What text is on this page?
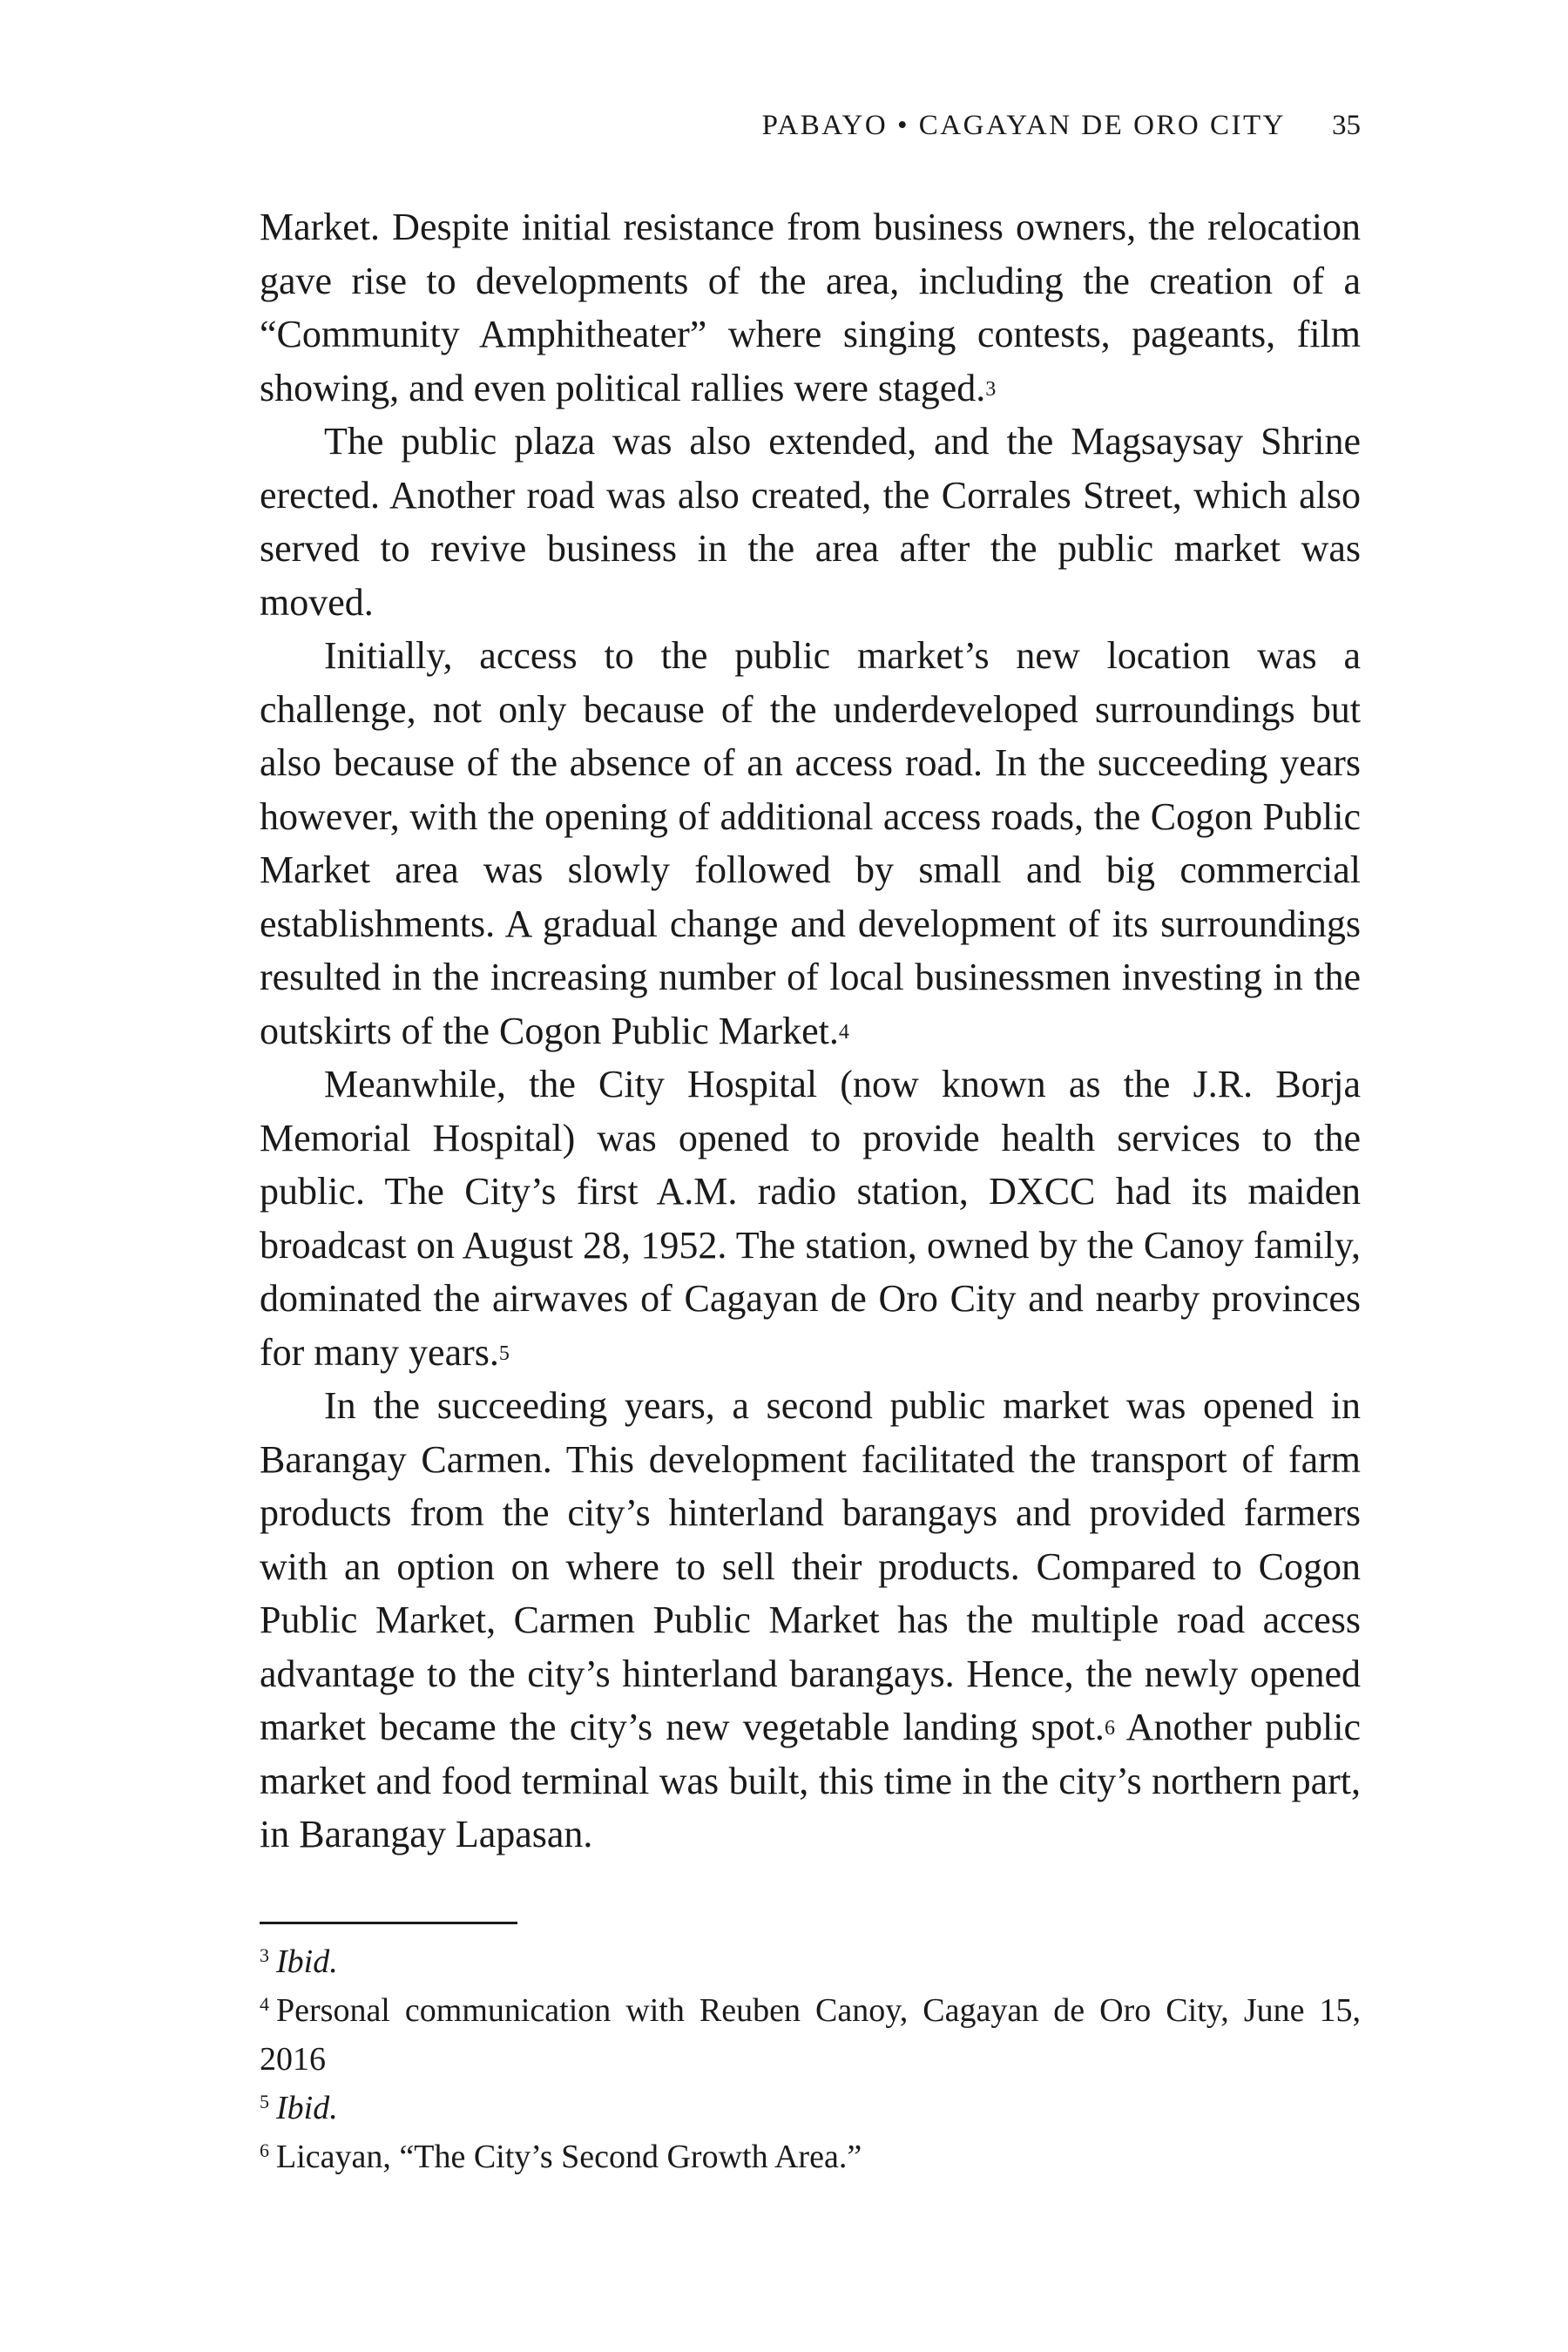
PABAYO • CAGAYAN DE ORO CITY 35

Market. Despite initial resistance from business owners, the relocation gave rise to developments of the area, including the creation of a “Community Amphitheater” where singing contests, pageants, film showing, and even political rallies were staged.$^3$

The public plaza was also extended, and the Magsaysay Shrine erected. Another road was also created, the Corrales Street, which also served to revive business in the area after the public market was moved.

Initially, access to the public market’s new location was a challenge, not only because of the underdeveloped surroundings but also because of the absence of an access road. In the succeeding years however, with the opening of additional access roads, the Cogon Public Market area was slowly followed by small and big commercial establishments. A gradual change and development of its surroundings resulted in the increasing number of local businessmen investing in the outskirts of the Cogon Public Market.$^4$

Meanwhile, the City Hospital (now known as the J.R. Borja Memorial Hospital) was opened to provide health services to the public. The City’s first A.M. radio station, DXCC had its maiden broadcast on August 28, 1952. The station, owned by the Canoy family, dominated the airwaves of Cagayan de Oro City and nearby provinces for many years.$^5$

In the succeeding years, a second public market was opened in Barangay Carmen. This development facilitated the transport of farm products from the city’s hinterland barangays and provided farmers with an option on where to sell their products. Compared to Cogon Public Market, Carmen Public Market has the multiple road access advantage to the city’s hinterland barangays. Hence, the newly opened market became the city’s new vegetable landing spot.$^6$ Another public market and food terminal was built, this time in the city’s northern part, in Barangay Lapasan.

$^3$ Ibid.

$^4$ Personal communication with Reuben Canoy, Cagayan de Oro City, June 15, 2016

$^5$ Ibid.

$^6$ Licayan, “The City’s Second Growth Area.”
